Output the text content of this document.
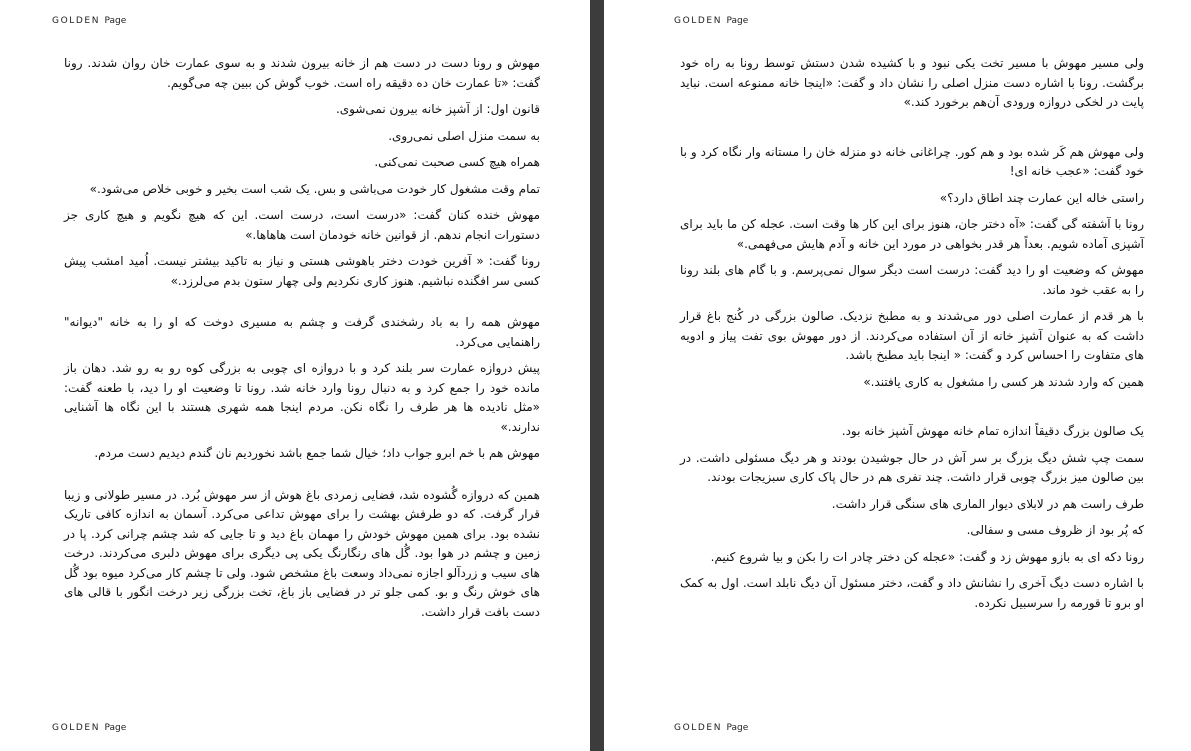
GOLDEN Page

مهوش و رونا دست در دست هم از خانه بیرون شدند و به سوی عمارت خان روان شدند. رونا گفت: «تا عمارت خان ده دقیقه راه است. خوب گوش کن ببین چه می‌گویم.

قانون اول: از آشپز خانه بیرون نمی‌شوی.

به سمت منزل اصلی نمی‌روی.

همراه هیچ کسی صحبت نمی‌کنی.

تمام وقت مشغول کار خودت می‌باشی و بس. یک شب است بخیر و خوبی خلاص می‌شود.»

مهوش خنده کنان گفت: «درست است، درست است. این که هیچ نگویم و هیچ کاری جز دستورات انجام ندهم. از قوانین خانه خودمان است هاهاها.»

رونا گفت: « آفرین خودت دختر باهوشی هستی و نیاز به تاکید بیشتر نیست. اُمید امشب پیش کسی سر افگنده نباشیم. هنوز کاری نکردیم ولی چهار ستون بدم می‌لرزد.»

مهوش همه را به باد رشخندی گرفت و چشم به مسیری دوخت که او را به خانه "دیوانه" راهنمایی می‌کرد.

پیش دروازه عمارت سر بلند کرد و با دروازه ای چوبی به بزرگی کوه رو به رو شد. دهان باز مانده خود را جمع کرد و به دنبال رونا وارد خانه شد. رونا تا وضعیت او را دید، با طعنه گفت: «مثل نادیده ها هر طرف را نگاه نکن. مردم اینجا همه شهری هستند با این نگاه ها آشنایی ندارند.»

مهوش هم با خم ابرو جواب داد؛ خیال شما جمع باشد نخوردیم نان گندم دیدیم دست مردم.

همین که دروازه گُشوده شد، فضایی زمردی باغ هوش از سر مهوش بُرد. در مسیر طولانی و زیبا قرار گرفت. که دو طرفش بهشت را برای مهوش تداعی می‌کرد. آسمان به اندازه کافی تاریک نشده بود. برای همین مهوش خودش را مهمان باغ دید و تا جایی که شد چشم چرانی کرد. پا در زمین و چشم در هوا بود. گُل های رنگارنگ یکی پی دیگری برای مهوش دلبری می‌کردند. درخت های سیب و زردآلو اجازه نمی‌داد وسعت باغ مشخص شود. ولی تا چشم کار می‌کرد میوه بود گُل های خوش رنگ و بو. کمی جلو تر در فضایی باز باغ، تخت بزرگی زیر درخت انگور با قالی های دست بافت قرار داشت.

GOLDEN Page
GOLDEN Page

ولی مسیر مهوش با مسیر تخت یکی نبود و با کشیده شدن دستش توسط رونا به راه خود برگشت. رونا با اشاره دست منزل اصلی را نشان داد و گفت: «اینجا خانه ممنوعه است. نباید پایت در لخکی دروازه ورودی آن‌هم برخورد کند.»

ولی مهوش هم کَر شده بود و هم کور. چراغانی خانه دو منزله خان را مستانه وار نگاه کرد و با خود گفت: «عجب خانه ای!

راستی خاله این عمارت چند اطاق دارد؟»

رونا با آشفته گی گفت: «آه دختر جان، هنوز برای این کار ها وقت است. عجله کن ما باید برای آشپزی آماده شویم. بعداً هر قدر بخواهی در مورد این خانه و آدم هایش می‌فهمی.»

مهوش که وضعیت او را دید گفت: درست است دیگر سوال نمی‌پرسم. و با گام های بلند رونا را به عقب خود ماند.

با هر قدم از عمارت اصلی دور می‌شدند و به مطبخ نزدیک. صالون بزرگی در کُنج باغ قرار داشت که به عنوان آشپز خانه از آن استفاده می‌کردند. از دور مهوش بوی تفت پیاز و ادویه های متفاوت را احساس کرد و گفت: « اینجا باید مطبخ باشد.

همین که وارد شدند هر کسی را مشغول به کاری یافتند.»

یک صالون بزرگ دقیقاً اندازه تمام خانه مهوش آشپز خانه بود.

سمت چپ شش دیگ بزرگ بر سر آش در حال جوشیدن بودند و هر دیگ مسئولی داشت. در بین صالون میز بزرگ چوبی قرار داشت. چند نفری هم در حال پاک کاری سبزیجات بودند.

طرف راست هم در لابلای دیوار الماری های سنگی قرار داشت.

که پُر بود از ظروف مسی و سفالی.

رونا دکه ای به بازو مهوش زد و گفت: «عجله کن دختر چادر ات را بکن و بیا شروع کنیم.

با اشاره دست دیگ آخری را نشانش داد و گفت، دختر مسئول آن دیگ نابلد است. اول به کمک او برو تا قورمه را سرسبیل نکرده.

GOLDEN Page
